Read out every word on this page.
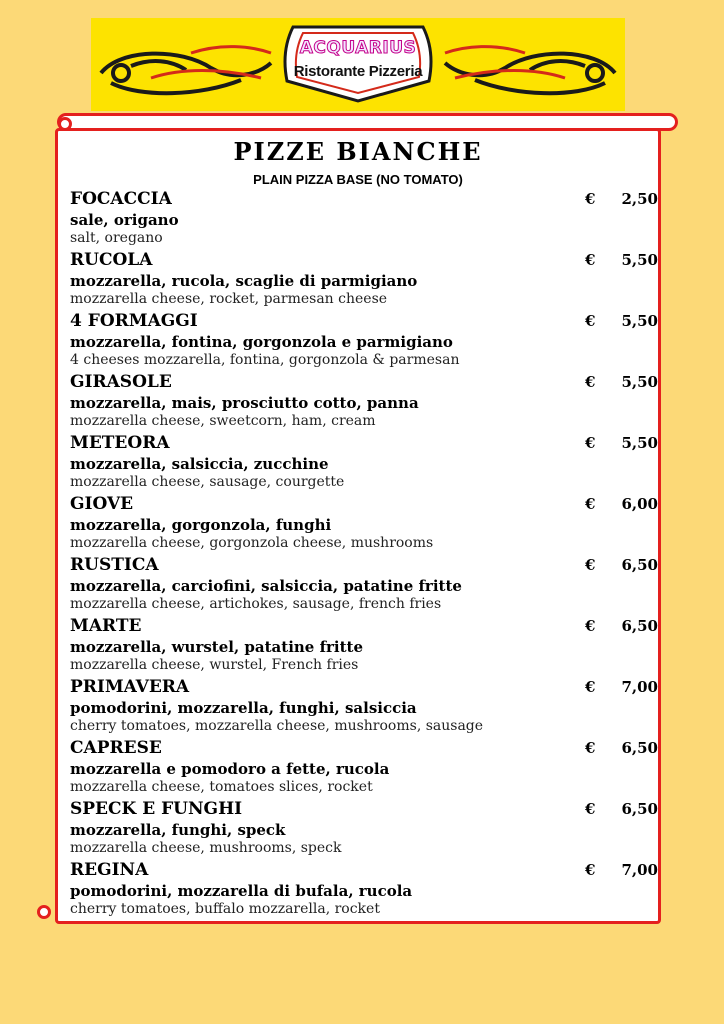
ACQUARIUS
Ristorante Pizzeria
PIZZE BIANCHE
PLAIN PIZZA BASE (NO TOMATO)
FOCACCIA	€ 2,50
sale, origano
salt, oregano
RUCOLA	€ 5,50
mozzarella, rucola, scaglie di parmigiano
mozzarella cheese, rocket, parmesan cheese
4 FORMAGGI	€ 5,50
mozzarella, fontina, gorgonzola e parmigiano
4 cheeses mozzarella, fontina, gorgonzola & parmesan
GIRASOLE	€ 5,50
mozzarella, mais, prosciutto cotto, panna
mozzarella cheese, sweetcorn, ham, cream
METEORA	€ 5,50
mozzarella, salsiccia, zucchine
mozzarella cheese, sausage, courgette
GIOVE	€ 6,00
mozzarella, gorgonzola, funghi
mozzarella cheese, gorgonzola cheese, mushrooms
RUSTICA	€ 6,50
mozzarella, carciofini, salsiccia, patatine fritte
mozzarella cheese, artichokes, sausage, french fries
MARTE	€ 6,50
mozzarella, wurstel, patatine fritte
mozzarella cheese, wurstel, French fries
PRIMAVERA	€ 7,00
pomodorini, mozzarella, funghi, salsiccia
cherry tomatoes, mozzarella cheese, mushrooms, sausage
CAPRESE	€ 6,50
mozzarella e pomodoro a fette, rucola
mozzarella cheese, tomatoes slices, rocket
SPECK E FUNGHI	€ 6,50
mozzarella, funghi, speck
mozzarella cheese, mushrooms, speck
REGINA	€ 7,00
pomodorini, mozzarella di bufala, rucola
cherry tomatoes, buffalo mozzarella, rocket
